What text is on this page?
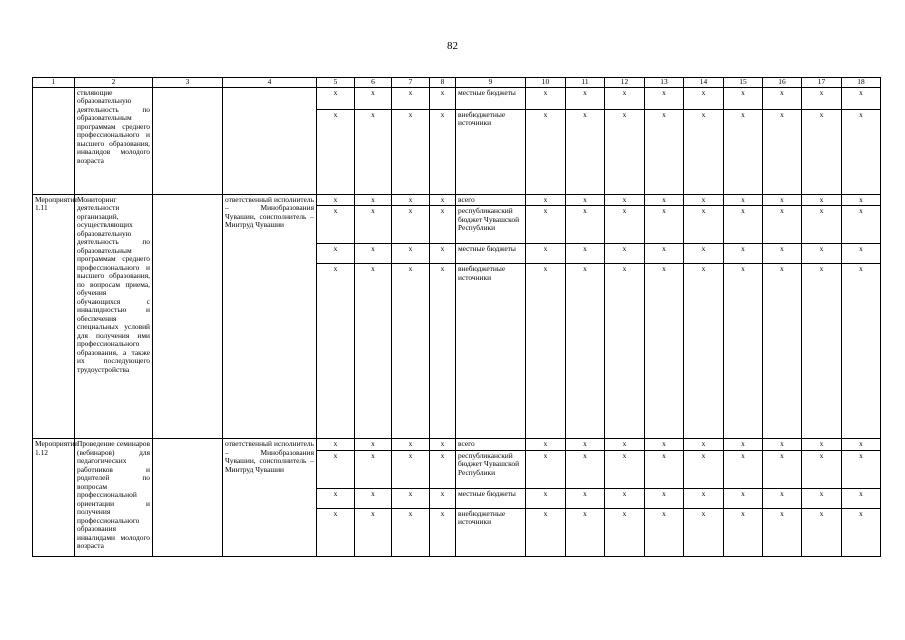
82
1	2	3	4	5	6	7	8	9	10	11	12	13	14	15	16	17	18
	ствляющие образовательную деятельность по образовательным программам среднего профессионального и высшего образования, инвалидов молодого возраста			x	x	x	x	местные бюджеты	x	x	x	x	x	x	x	x	x
				x	x	x	x	внебюджетные источники	x	x	x	x	x	x	x	x	x
Мероприятие 1.11	Мониторинг деятельности организаций, осуществляющих образовательную деятельность по образовательным программам среднего профессионального и высшего образования, по вопросам приема, обучения обучающихся с инвалидностью и обеспечения специальных условий для получения ими профессионального образования, а также их последующего трудоустройства		ответственный исполнитель – Минобразования Чувашии, соисполнитель – Минтруд Чувашии	x	x	x	x	всего	x	x	x	x	x	x	x	x	x
				x	x	x	x	республиканский бюджет Чувашской Республики	x	x	x	x	x	x	x	x	x
				x	x	x	x	местные бюджеты	x	x	x	x	x	x	x	x	x
				x	x	x	x	внебюджетные источники	x	x	x	x	x	x	x	x	x
Мероприятие 1.12	Проведение семинаров (вебинаров) для педагогических работников и родителей по вопросам профессиональной ориентации и получения профессионального образования инвалидами молодого возраста		ответственный исполнитель – Минобразования Чувашии, соисполнитель – Минтруд Чувашии	x	x	x	x	всего	x	x	x	x	x	x	x	x	x
				x	x	x	x	республиканский бюджет Чувашской Республики	x	x	x	x	x	x	x	x	x
				x	x	x	x	местные бюджеты	x	x	x	x	x	x	x	x	x
				x	x	x	x	внебюджетные источники	x	x	x	x	x	x	x	x	x
